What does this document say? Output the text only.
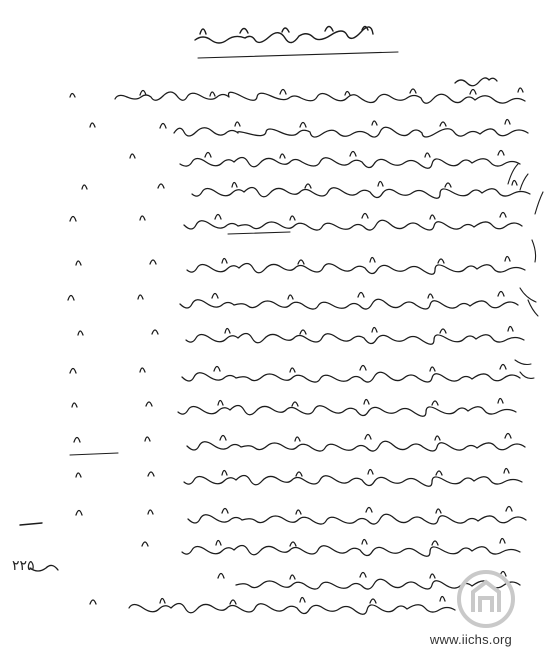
۲۲۵
www.iichs.org
